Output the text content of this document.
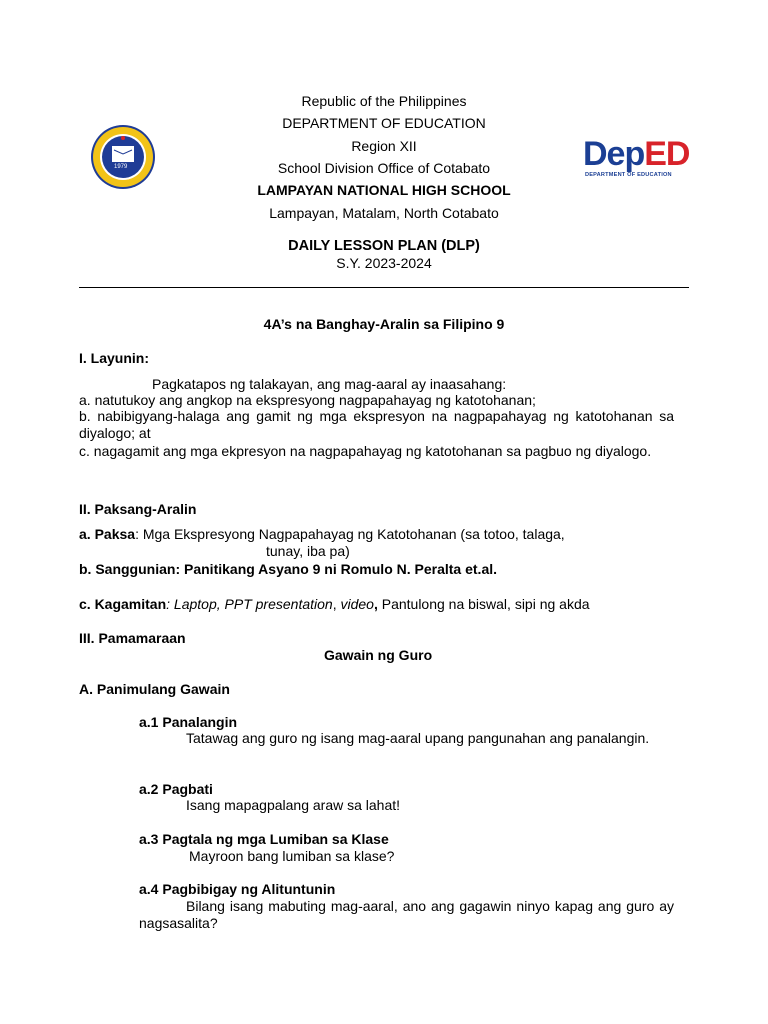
1979	DepED
DEPARTMENT OF EDUCATION
Republic of the Philippines
DEPARTMENT OF EDUCATION
Region XII
School Division Office of Cotabato
LAMPAYAN NATIONAL HIGH SCHOOL
Lampayan, Matalam, North Cotabato
DAILY LESSON PLAN (DLP)
S.Y. 2023-2024
4A’s na Banghay-Aralin sa Filipino 9
I. Layunin:
Pagkatapos ng talakayan, ang mag-aaral ay inaasahang:
a. natutukoy ang angkop na ekspresyong nagpapahayag ng katotohanan;
b. nabibigyang-halaga ang gamit ng mga ekspresyon na nagpapahayag ng katotohanan sa diyalogo; at
c. nagagamit ang mga ekpresyon na nagpapahayag ng katotohanan sa pagbuo ng diyalogo.
II. Paksang-Aralin
a. Paksa: Mga Ekspresyong Nagpapahayag ng Katotohanan (sa totoo, talaga,
tunay, iba pa)
b. Sanggunian: Panitikang Asyano 9 ni Romulo N. Peralta et.al.
c. Kagamitan: Laptop, PPT presentation, video, Pantulong na biswal, sipi ng akda
III. Pamamaraan
Gawain ng Guro
A. Panimulang Gawain
a.1 Panalangin
Tatawag ang guro ng isang mag-aaral upang pangunahan ang panalangin.
a.2 Pagbati
Isang mapagpalang araw sa lahat!
a.3 Pagtala ng mga Lumiban sa Klase
Mayroon bang lumiban sa klase?
a.4 Pagbibigay ng Alituntunin
Bilang isang mabuting mag-aaral, ano ang gagawin ninyo kapag ang guro ay nagsasalita?
